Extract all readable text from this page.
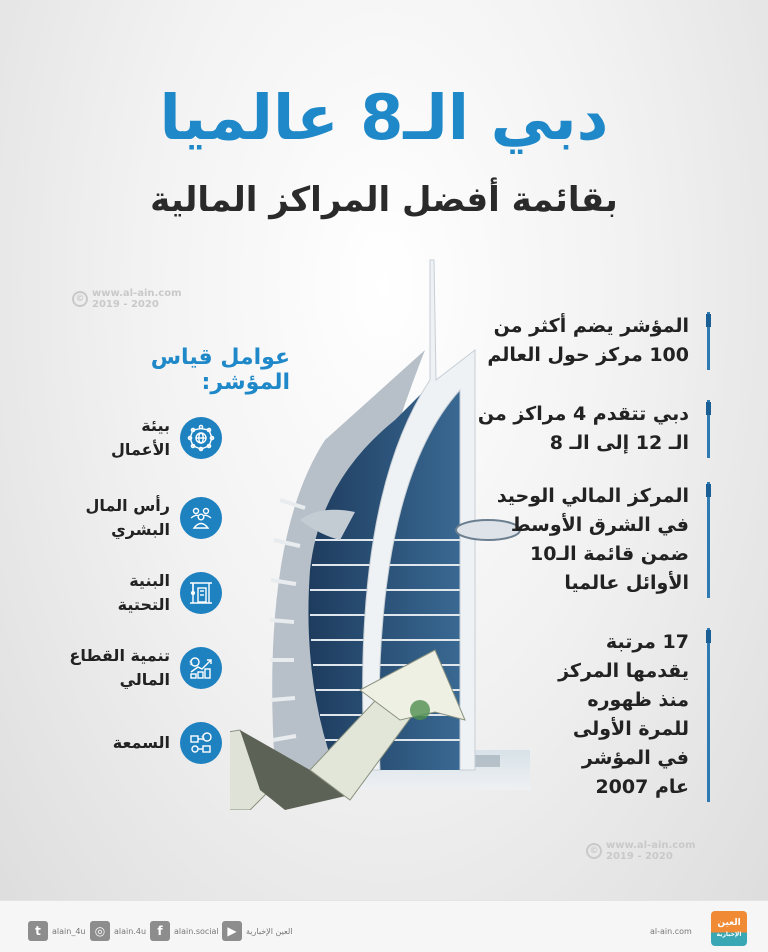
دبي الـ8 عالميا
بقائمة أفضل المراكز المالية
© www.al-ain.com
2019 - 2020
© www.al-ain.com
2019 - 2020
المؤشر يضم أكثر من
100 مركز حول العالم
دبي تتقدم 4 مراكز من
الـ 12 إلى الـ 8
المركز المالي الوحيد
في الشرق الأوسط
ضمن قائمة الـ10
الأوائل عالميا
17 مرتبة
يقدمها المركز
منذ ظهوره
للمرة الأولى
في المؤشر
عام 2007
عوامل قياس المؤشر:
بيئة
الأعمال
رأس المال
البشري
البنية
التحتية
$
تنمية القطاع
المالي
$
السمعة
t	alain_4u ◎	alain.4u f	alain.social ▶	العين الإخبارية	al-ain.com
العين
الإخبارية
